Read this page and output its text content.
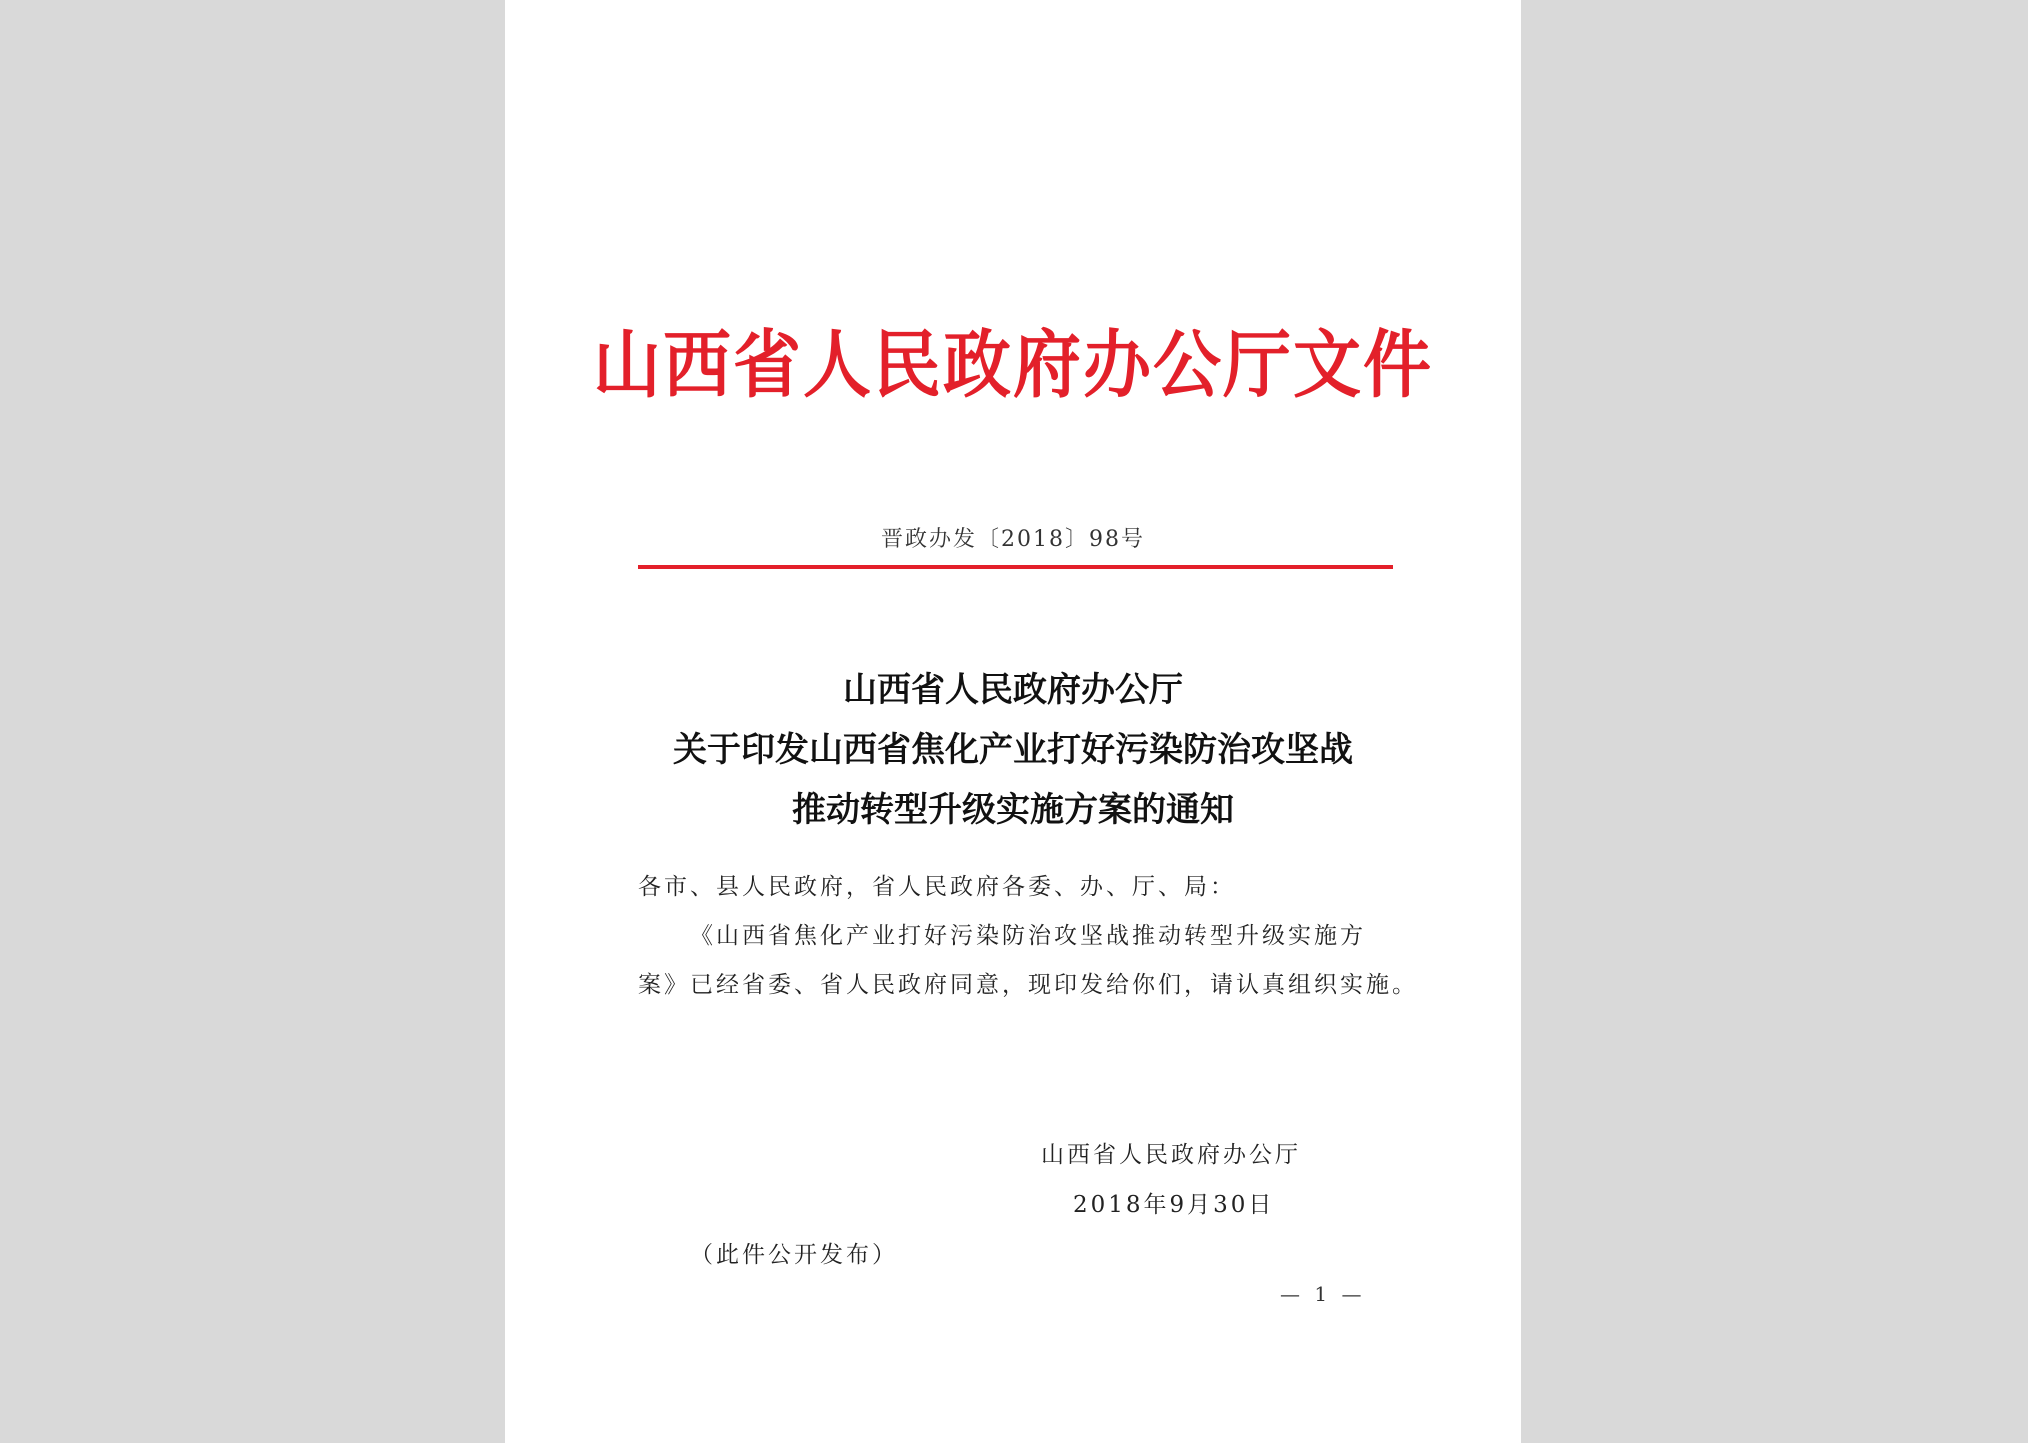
山西省人民政府办公厅文件
晋政办发〔2018〕98号
山西省人民政府办公厅
关于印发山西省焦化产业打好污染防治攻坚战
推动转型升级实施方案的通知
各市、县人民政府，省人民政府各委、办、厅、局：
《山西省焦化产业打好污染防治攻坚战推动转型升级实施方
案》已经省委、省人民政府同意，现印发给你们，请认真组织实施。
山西省人民政府办公厅
2018年9月30日
（此件公开发布）
— 1 —
